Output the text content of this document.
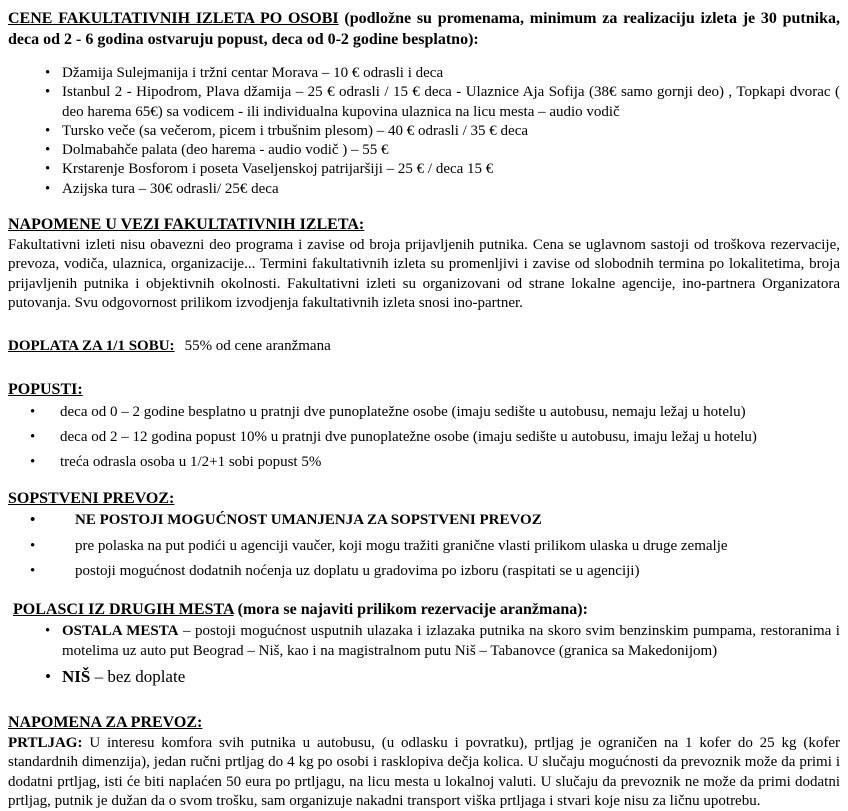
CENE FAKULTATIVNIH IZLETA PO OSOBI (podložne su promenama, minimum za realizaciju izleta je 30 putnika, deca od 2 - 6 godina ostvaruju popust, deca od 0-2 godine besplatno):

• Džamija Sulejmanija i tržni centar Morava – 10 € odrasli i deca
• Istanbul 2 - Hipodrom, Plava džamija – 25 € odrasli / 15 € deca - Ulaznice Aja Sofija (38€ samo gornji deo) , Topkapi dvorac ( deo harema 65€) sa vodicem - ili individualna kupovina ulaznica na licu mesta – audio vodič
• Tursko veče (sa večerom, picem i trbušnim plesom) – 40 € odrasli / 35 € deca
• Dolmabahče palata (deo harema - audio vodič ) – 55 €
• Krstarenje Bosforom i poseta Vaseljenskoj patrijaršiji – 25 € / deca 15 €
• Azijska tura – 30€ odrasli/ 25€ deca
NAPOMENE U VEZI FAKULTATIVNIH IZLETA:

Fakultativni izleti nisu obavezni deo programa i zavise od broja prijavljenih putnika. Cena se uglavnom sastoji od troškova rezervacije, prevoza, vodiča, ulaznica, organizacije... Termini fakultativnih izleta su promenljivi i zavise od slobodnih termina po lokalitetima, broja prijavljenih putnika i objektivnih okolnosti. Fakultativni izleti su organizovani od strane lokalne agencije, ino-partnera Organizatora putovanja. Svu odgovornost prilikom izvodjenja fakultativnih izleta snosi ino-partner.

DOPLATA ZA 1/1 SOBU: 55% od cene aranžmana

POPUSTI:
• deca od 0 – 2 godine besplatno u pratnji dve punoplatežne osobe (imaju sedište u autobusu, nemaju ležaj u hotelu)
• deca od 2 – 12 godina popust 10% u pratnji dve punoplatežne osobe (imaju sedište u autobusu, imaju ležaj u hotelu)
• treća odrasla osoba u 1/2+1 sobi popust 5%
SOPSTVENI PREVOZ:
• NE POSTOJI MOGUĆNOST UMANJENJA ZA SOPSTVENI PREVOZ
• pre polaska na put podići u agenciji vaučer, koji mogu tražiti granične vlasti prilikom ulaska u druge zemalje
• postoji mogućnost dodatnih noćenja uz doplatu u gradovima po izboru (raspitati se u agenciji)
POLASCI IZ DRUGIH MESTA (mora se najaviti prilikom rezervacije aranžmana):
• OSTALA MESTA – postoji mogućnost usputnih ulazaka i izlazaka putnika na skoro svim benzinskim pumpama, restoranima i motelima uz auto put Beograd – Niš, kao i na magistralnom putu Niš – Tabanovce (granica sa Makedonijom)
• NIŠ – bez doplate
NAPOMENA ZA PREVOZ:

PRTLJAG: U interesu komfora svih putnika u autobusu, (u odlasku i povratku), prtljag je ograničen na 1 kofer do 25 kg (kofer standardnih dimenzija), jedan ručni prtljag do 4 kg po osobi i rasklopiva dečja kolica. U slučaju mogućnosti da prevoznik može da primi i dodatni prtljag, isti će biti naplaćen 50 eura po prtljagu, na licu mesta u lokalnoj valuti. U slučaju da prevoznik ne može da primi dodatni prtljag, putnik je dužan da o svom trošku, sam organizuje nakadni transport viška prtljaga i stvari koje nisu za ličnu upotrebu.
